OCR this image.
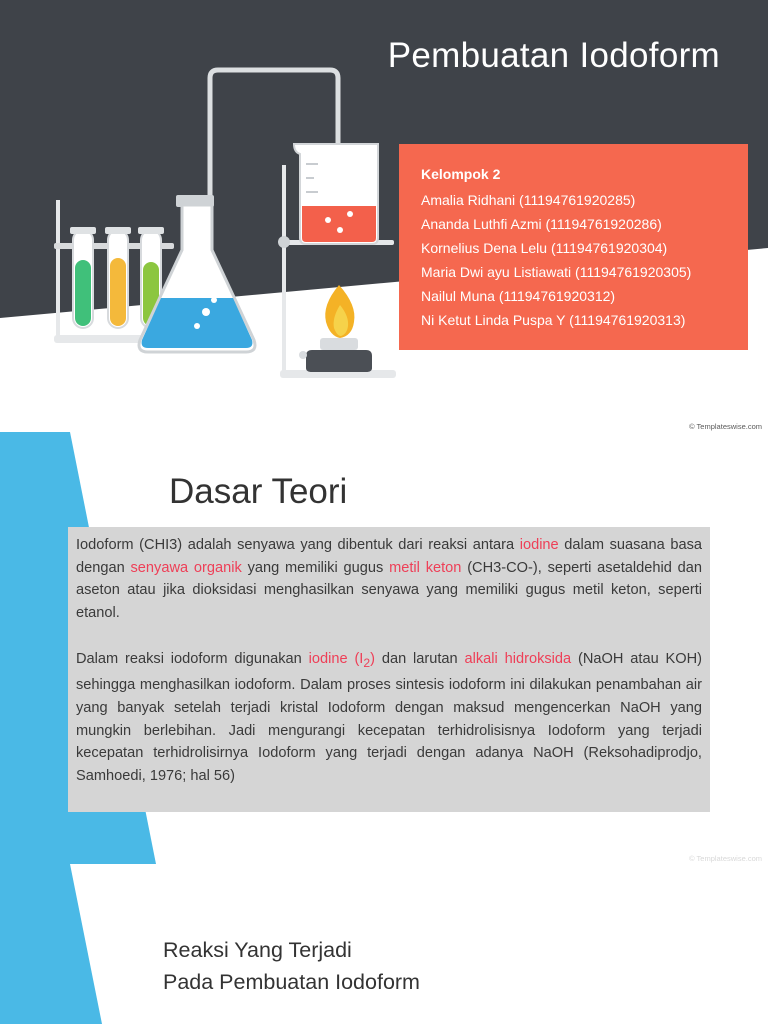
Pembuatan Iodoform
Kelompok 2
Amalia Ridhani (11194761920285)
Ananda Luthfi Azmi (11194761920286)
Kornelius Dena Lelu (11194761920304)
Maria Dwi ayu Listiawati (11194761920305)
Nailul Muna (11194761920312)
Ni Ketut Linda Puspa Y (11194761920313)
© Templateswise.com
Dasar Teori

Iodoform (CHI3) adalah senyawa yang dibentuk dari reaksi antara iodine dalam suasana basa dengan senyawa organik yang memiliki gugus metil keton (CH3-CO-), seperti asetaldehid dan aseton atau jika dioksidasi menghasilkan senyawa yang memiliki gugus metil keton, seperti etanol.

Dalam reaksi iodoform digunakan iodine $(I_2)$ dan larutan alkali hidroksida (NaOH atau KOH) sehingga menghasilkan iodoform. Dalam proses sintesis iodoform ini dilakukan penambahan air yang banyak setelah terjadi kristal Iodoform dengan maksud mengencerkan NaOH yang mungkin berlebihan. Jadi mengurangi kecepatan terhidrolisisnya Iodoform yang terjadi kecepatan terhidrolisirnya Iodoform yang terjadi dengan adanya NaOH (Reksohadiprodjo, Samhoedi, 1976; hal 56)

© Templateswise.com
Reaksi Yang Terjadi
Pada Pembuatan Iodoform
